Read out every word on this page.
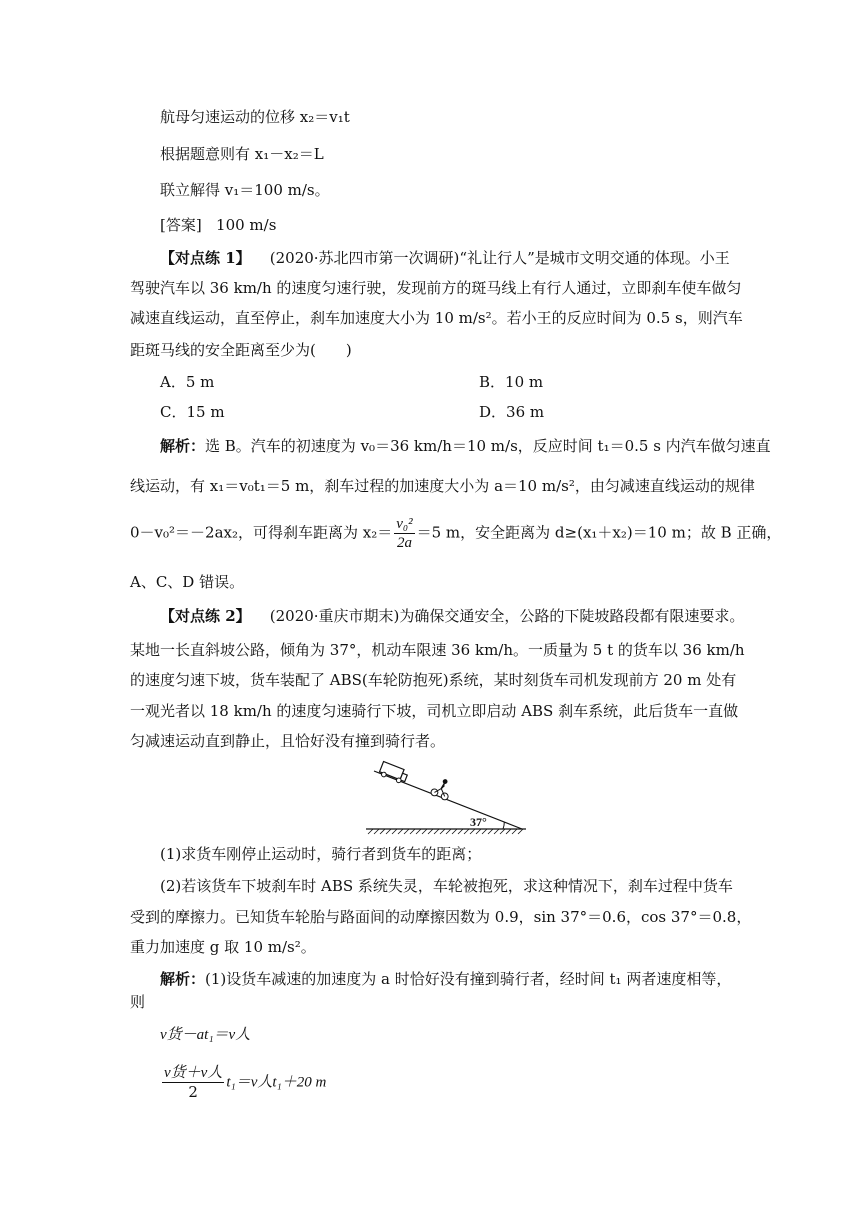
航母匀速运动的位移 x₂＝v₁t
根据题意则有 x₁－x₂＝L
联立解得 v₁＝100 m/s。
[答案] 100 m/s
【对点练 1】 (2020·苏北四市第一次调研)“礼让行人”是城市文明交通的体现。小王
驾驶汽车以 36 km/h 的速度匀速行驶，发现前方的斑马线上有行人通过，立即刹车使车做匀
减速直线运动，直至停止，刹车加速度大小为 10 m/s²。若小王的反应时间为 0.5 s，则汽车
距斑马线的安全距离至少为(　　)
A．5 m	B．10 m
C．15 m	D．36 m
解析：选 B。汽车的初速度为 v₀＝36 km/h＝10 m/s，反应时间 t₁＝0.5 s 内汽车做匀速直
线运动，有 x₁＝v₀t₁＝5 m，刹车过程的加速度大小为 a＝10 m/s²，由匀减速直线运动的规律
0－v₀²＝－2ax₂，可得刹车距离为 $x_2= \frac{\text{v₀²}}{2a} =5$ m，安全距离为 d≥(x₁＋x₂)＝10 m；故 B 正确，
A、C、D 错误。
【对点练 2】 (2020·重庆市期末)为确保交通安全，公路的下陡坡路段都有限速要求。
某地一长直斜坡公路，倾角为 37°，机动车限速 36 km/h。一质量为 5 t 的货车以 36 km/h
的速度匀速下坡，货车装配了 ABS(车轮防抱死)系统，某时刻货车司机发现前方 20 m 处有
一观光者以 18 km/h 的速度匀速骑行下坡，司机立即启动 ABS 刹车系统，此后货车一直做
匀减速运动直到静止，且恰好没有撞到骑行者。
37°
(1)求货车刚停止运动时，骑行者到货车的距离；
(2)若该货车下坡刹车时 ABS 系统失灵，车轮被抱死，求这种情况下，刹车过程中货车
受到的摩擦力。已知货车轮胎与路面间的动摩擦因数为 0.9，sin 37°＝0.6，cos 37°＝0.8，
重力加速度 g 取 10 m/s²。
解析：(1)设货车减速的加速度为 a 时恰好没有撞到骑行者，经时间 t₁ 两者速度相等，
则
v货－at₁＝v人
$\frac{\text{v货＋v人}}{2} t_1=v$人t₁＋20 m
